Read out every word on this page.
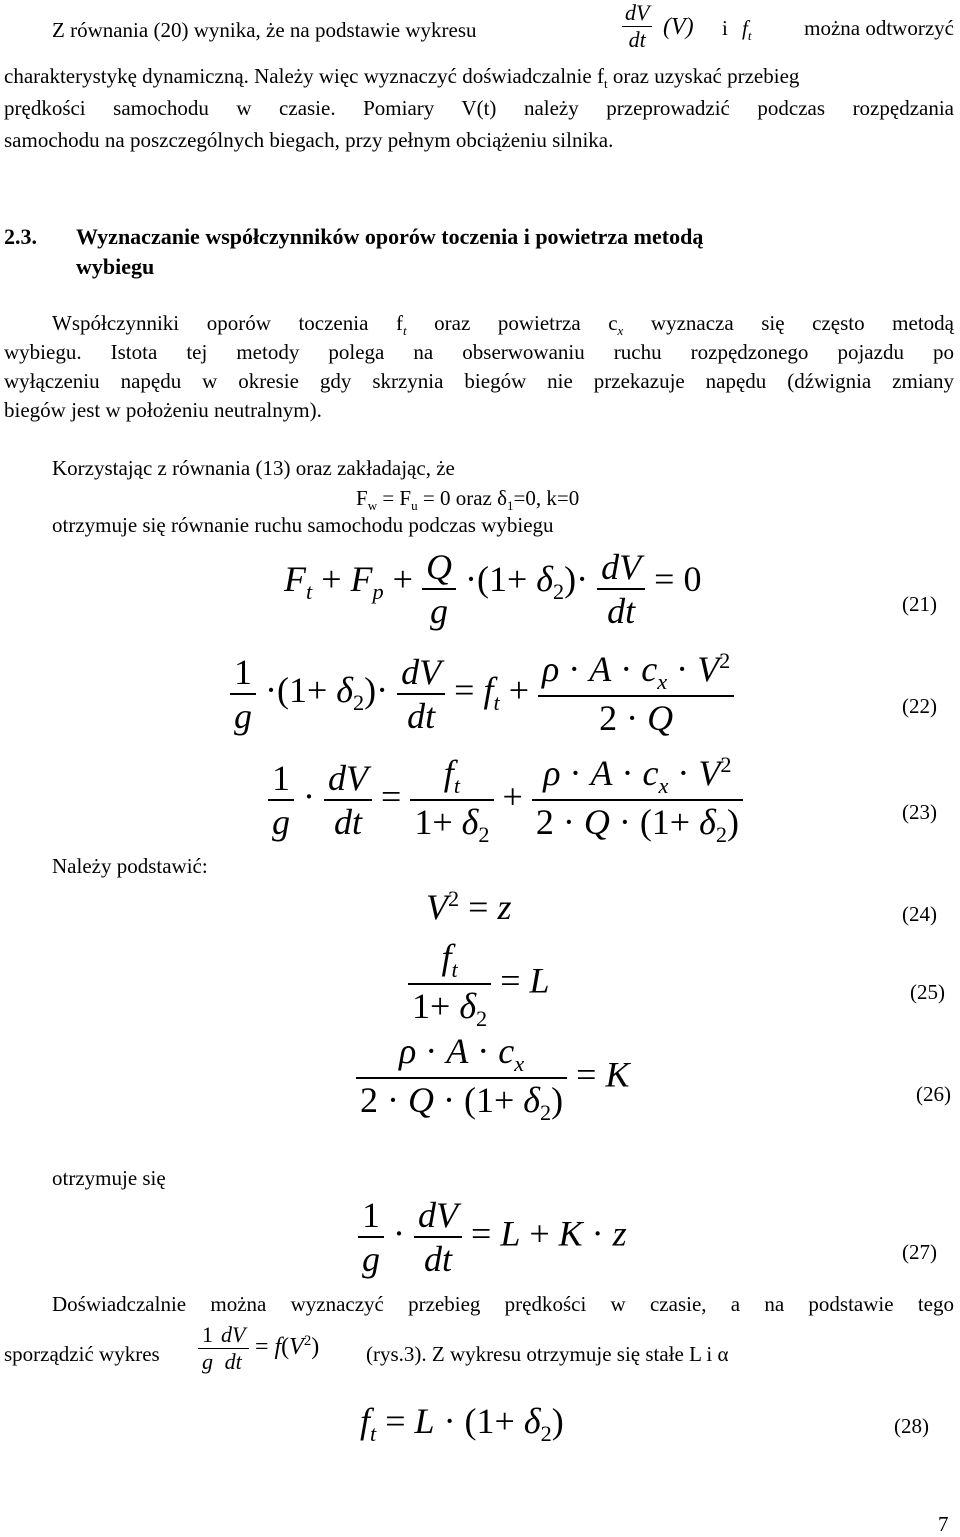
Z równania (20) wynika, że na podstawie wykresu	$\frac{dV}{dt} (V)$ i $f_t$	można odtworzyć
charakterystykę dynamiczną. Należy więc wyznaczyć doświadczalnie $f_t$ oraz uzyskać przebieg
prędkości samochodu w czasie. Pomiary V(t) należy przeprowadzić podczas rozpędzania
samochodu na poszczególnych biegach, przy pełnym obciążeniu silnika.
2.3. Wyznaczanie współczynników oporów toczenia i powietrza metodą
wybiegu
Współczynniki oporów toczenia $f_t$ oraz powietrza $c_x$ wyznacza się często metodą
wybiegu. Istota tej metody polega na obserwowaniu ruchu rozpędzonego pojazdu po
wyłączeniu napędu w okresie gdy skrzynia biegów nie przekazuje napędu (dźwignia zmiany
biegów jest w położeniu neutralnym).
Korzystając z równania (13) oraz zakładając, że
$F_w = F_u = 0$ oraz $\delta_1=0$, k=0
otrzymuje się równanie ruchu samochodu podczas wybiegu
$F_t + F_p + \frac{Q}{g} \cdot(1+ \delta_2)\cdot \frac{dV}{dt} = 0$
(21)
$\frac{1}{g} \cdot(1+ \delta_2)\cdot \frac{dV}{dt} = f_t + \frac{\rho \cdot A \cdot c_x \cdot V^2}{2 \cdot Q}$	(22)
$\frac{1}{g} \cdot \frac{dV}{dt} = \frac{f_t}{1+ \delta_2} + \frac{\rho \cdot A \cdot c_x \cdot V^2}{2 \cdot Q \cdot (1+ \delta_2)}$	(23)
Należy podstawić:
$V^2 = z$	(24)
$\frac{f_t}{1+ \delta_2} = L$	(25)
$\frac{\rho \cdot A \cdot c_x}{2 \cdot Q \cdot (1+ \delta_2)} = K$	(26)
otrzymuje się
$\frac{1}{g} \cdot \frac{dV}{dt} = L + K \cdot z$	(27)
Doświadczalnie można wyznaczyć przebieg prędkości w czasie, a na podstawie tego
sporządzić wykres $\frac{1}{g} \frac{dV}{dt} = f(V^2)$ (rys.3). Z wykresu otrzymuje się stałe L i α
$f_t = L \cdot (1+ \delta_2)$	(28)
7
